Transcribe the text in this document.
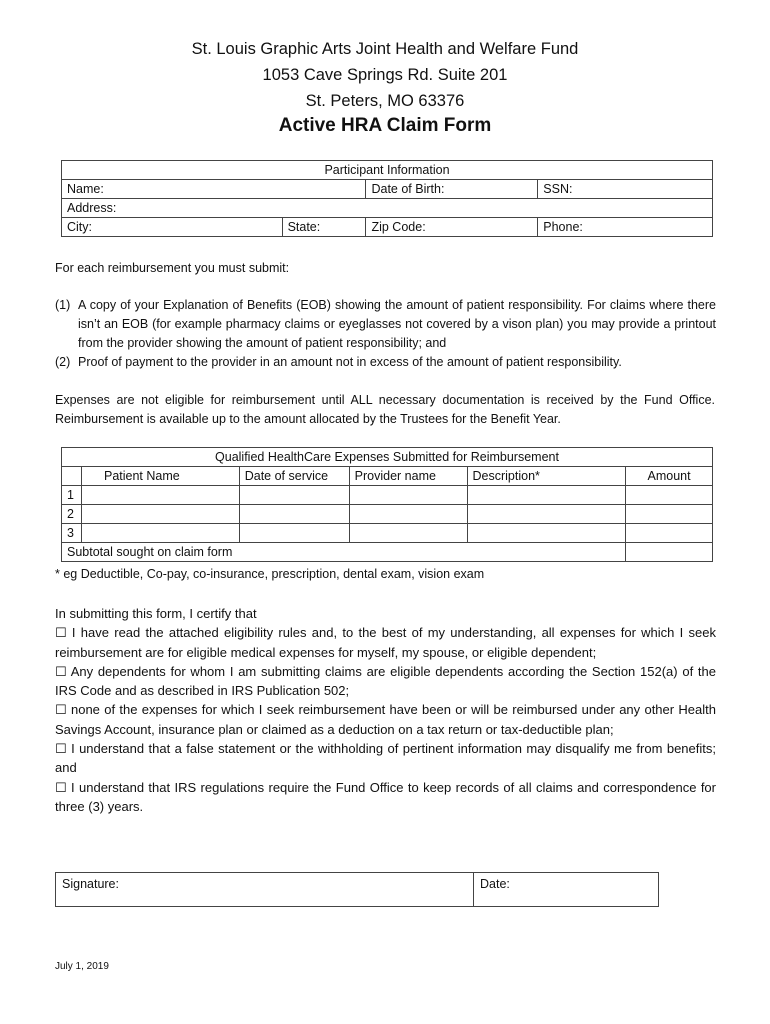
St. Louis Graphic Arts Joint Health and Welfare Fund
1053 Cave Springs Rd. Suite 201
St. Peters, MO 63376
Active HRA Claim Form
Participant Information			
Name:		Date of Birth:	SSN:
Address:			
City:	State:	Zip Code:	Phone:
For each reimbursement you must submit:
(1) A copy of your Explanation of Benefits (EOB) showing the amount of patient responsibility. For claims where there isn’t an EOB (for example pharmacy claims or eyeglasses not covered by a vison plan) you may provide a printout from the provider showing the amount of patient responsibility; and
(2) Proof of payment to the provider in an amount not in excess of the amount of patient responsibility.
Expenses are not eligible for reimbursement until ALL necessary documentation is received by the Fund Office. Reimbursement is available up to the amount allocated by the Trustees for the Benefit Year.
Qualified HealthCare Expenses Submitted for Reimbursement					
	Patient Name	Date of service	Provider name	Description*	Amount
1					
2					
3					
Subtotal sought on claim form					
* eg Deductible, Co-pay, co-insurance, prescription, dental exam, vision exam

In submitting this form, I certify that

☐ I have read the attached eligibility rules and, to the best of my understanding, all expenses for which I seek reimbursement are for eligible medical expenses for myself, my spouse, or eligible dependent;

☐ Any dependents for whom I am submitting claims are eligible dependents according the Section 152(a) of the IRS Code and as described in IRS Publication 502;

☐ none of the expenses for which I seek reimbursement have been or will be reimbursed under any other Health Savings Account, insurance plan or claimed as a deduction on a tax return or tax-deductible plan;

☐ I understand that a false statement or the withholding of pertinent information may disqualify me from benefits; and

☐ I understand that IRS regulations require the Fund Office to keep records of all claims and correspondence for three (3) years.

Signature:	Date:
July 1, 2019
